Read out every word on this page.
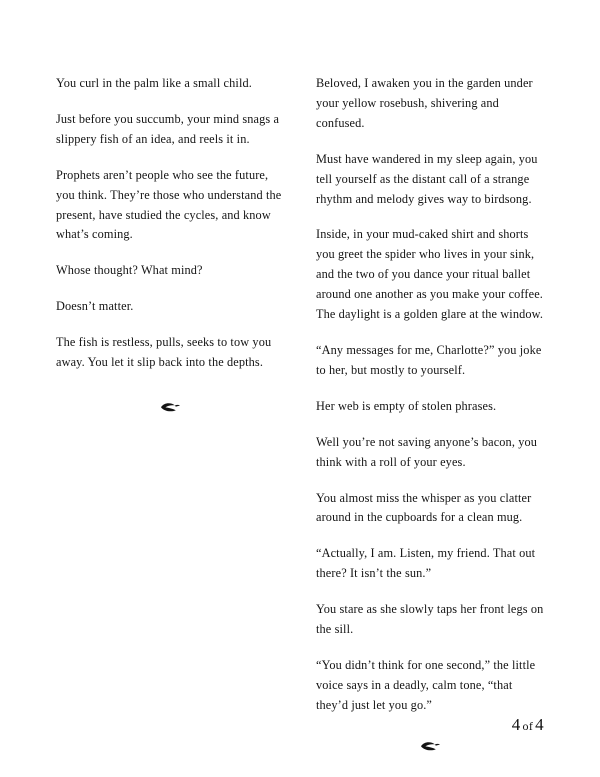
You curl in the palm like a small child.

Just before you succumb, your mind snags a slippery fish of an idea, and reels it in.

Prophets aren’t people who see the future, you think. They’re those who understand the present, have studied the cycles, and know what’s coming.

Whose thought? What mind?

Doesn’t matter.

The fish is restless, pulls, seeks to tow you away. You let it slip back into the depths.

Beloved, I awaken you in the garden under your yellow rosebush, shivering and confused.

Must have wandered in my sleep again, you tell yourself as the distant call of a strange rhythm and melody gives way to birdsong.

Inside, in your mud-caked shirt and shorts you greet the spider who lives in your sink, and the two of you dance your ritual ballet around one another as you make your coffee. The daylight is a golden glare at the window.

“Any messages for me, Charlotte?” you joke to her, but mostly to yourself.

Her web is empty of stolen phrases.

Well you’re not saving anyone’s bacon, you think with a roll of your eyes.

You almost miss the whisper as you clatter around in the cupboards for a clean mug.

“Actually, I am. Listen, my friend. That out there? It isn’t the sun.”

You stare as she slowly taps her front legs on the sill.

“You didn’t think for one second,” the little voice says in a deadly, calm tone, “that they’d just let you go.”

4 of 4
